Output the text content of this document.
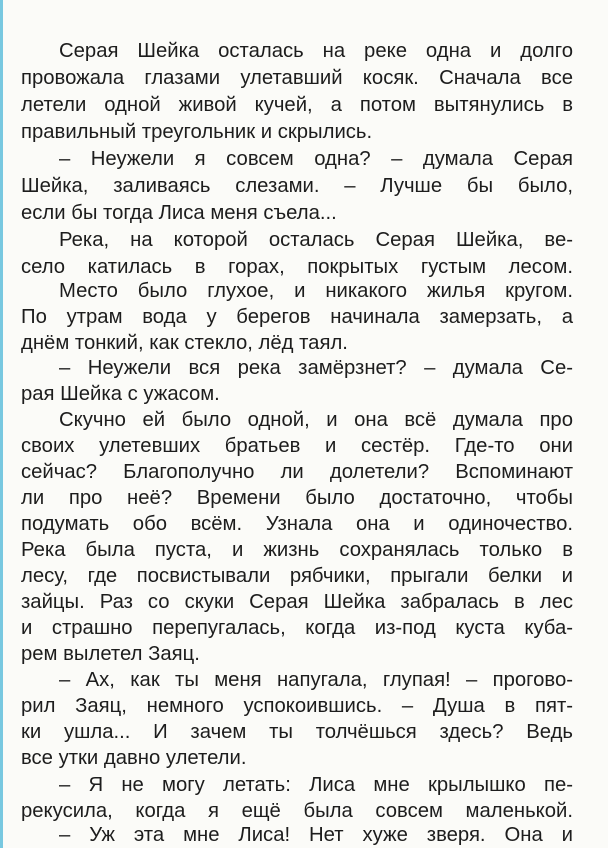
Серая Шейка осталась на реке одна и долго
провожала глазами улетавший косяк. Сначала все
летели одной живой кучей, а потом вытянулись в
правильный треугольник и скрылись.
– Неужели я совсем одна? – думала Серая
Шейка, заливаясь слезами. – Лучше бы было,
если бы тогда Лиса меня съела...
Река, на которой осталась Серая Шейка, ве-
село катилась в горах, покрытых густым лесом.
Место было глухое, и никакого жилья кругом.
По утрам вода у берегов начинала замерзать, а
днём тонкий, как стекло, лёд таял.
– Неужели вся река замёрзнет? – думала Се-
рая Шейка с ужасом.
Скучно ей было одной, и она всё думала про
своих улетевших братьев и сестёр. Где-то они
сейчас? Благополучно ли долетели? Вспоминают
ли про неё? Времени было достаточно, чтобы
подумать обо всём. Узнала она и одиночество.
Река была пуста, и жизнь сохранялась только в
лесу, где посвистывали рябчики, прыгали белки и
зайцы. Раз со скуки Серая Шейка забралась в лес
и страшно перепугалась, когда из-под куста куба-
рем вылетел Заяц.
– Ах, как ты меня напугала, глупая! – прогово-
рил Заяц, немного успокоившись. – Душа в пят-
ки ушла... И зачем ты толчёшься здесь? Ведь
все утки давно улетели.
– Я не могу летать: Лиса мне крылышко пе-
рекусила, когда я ещё была совсем маленькой.
– Уж эта мне Лиса! Нет хуже зверя. Она и
